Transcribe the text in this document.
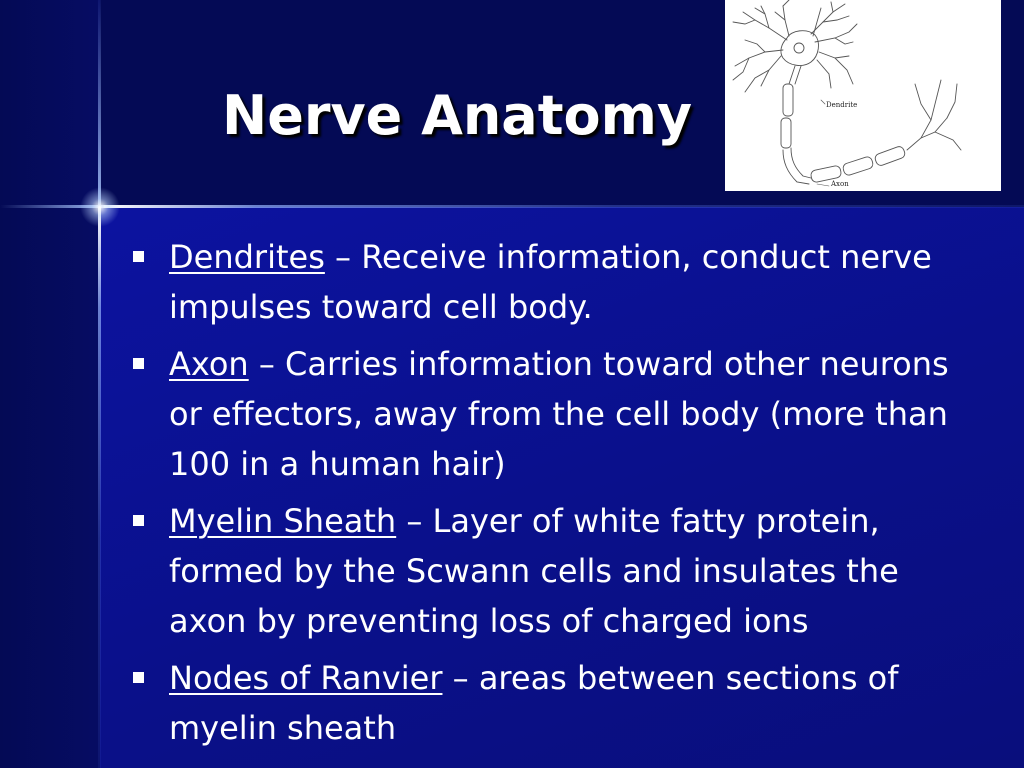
Nerve Anatomy	Dendrite
Axon
Dendrites – Receive information, conduct nerve impulses toward cell body.
Axon – Carries information toward other neurons or effectors, away from the cell body (more than 100 in a human hair)
Myelin Sheath – Layer of white fatty protein, formed by the Scwann cells and insulates the axon by preventing loss of charged ions
Nodes of Ranvier – areas between sections of myelin sheath
